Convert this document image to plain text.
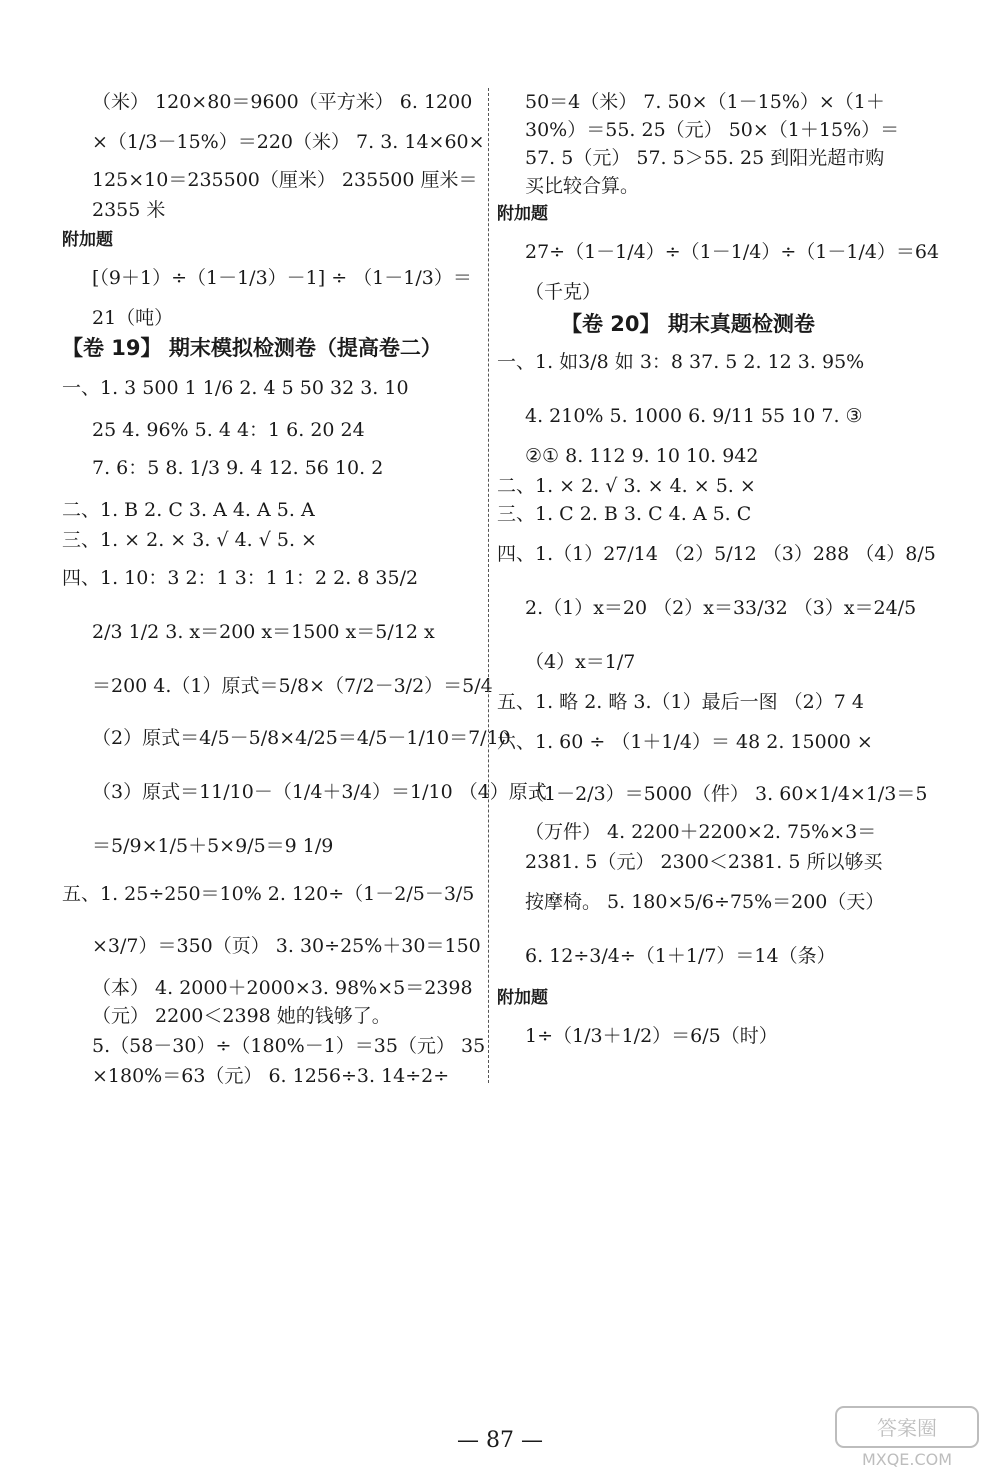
（米） 120×80＝9600（平方米） 6. 1200
×（1/3－15%）＝220（米） 7. 3. 14×60×
125×10＝235500（厘米） 235500 厘米＝
2355 米
附加题
[（9＋1）÷（1－1/3）－1] ÷ （1－1/3）＝
21（吨）
【卷 19】 期末模拟检测卷（提高卷二）
一、1. 3 500 1 1/6 2. 4 5 50 32 3. 10
25 4. 96% 5. 4 4：1 6. 20 24
7. 6：5 8. 1/3 9. 4 12. 56 10. 2
二、1. B 2. C 3. A 4. A 5. A
三、1. × 2. × 3. √ 4. √ 5. ×
四、1. 10：3 2：1 3：1 1：2 2. 8 35/2
2/3 1/2 3. x＝200 x＝1500 x＝5/12 x
＝200 4.（1）原式＝5/8×（7/2－3/2）＝5/4
（2）原式＝4/5－5/8×4/25＝4/5－1/10＝7/10
（3）原式＝11/10－（1/4＋3/4）＝1/10 （4）原式
＝5/9×1/5＋5×9/5＝9 1/9
五、1. 25÷250＝10% 2. 120÷（1－2/5－3/5
×3/7）＝350（页） 3. 30÷25%＋30＝150
（本） 4. 2000＋2000×3. 98%×5＝2398
（元） 2200＜2398 她的钱够了。
5.（58－30）÷（180%－1）＝35（元） 35
×180%＝63（元） 6. 1256÷3. 14÷2÷
50＝4（米） 7. 50×（1－15%）×（1＋
30%）＝55. 25（元） 50×（1＋15%）＝
57. 5（元） 57. 5＞55. 25 到阳光超市购
买比较合算。
附加题
27÷（1－1/4）÷（1－1/4）÷（1－1/4）＝64
（千克）
【卷 20】 期末真题检测卷
一、1. 如3/8 如 3：8 37. 5 2. 12 3. 95%
4. 210% 5. 1000 6. 9/11 55 10 7. ③
②① 8. 112 9. 10 10. 942
二、1. × 2. √ 3. × 4. × 5. ×
三、1. C 2. B 3. C 4. A 5. C
四、1.（1）27/14 （2）5/12 （3）288 （4）8/5
2.（1）x＝20 （2）x＝33/32 （3）x＝24/5
（4）x＝1/7
五、1. 略 2. 略 3.（1）最后一图 （2）7 4
六、1. 60 ÷ （1＋1/4）＝ 48 2. 15000 ×
（1－2/3）＝5000（件） 3. 60×1/4×1/3＝5
（万件） 4. 2200＋2200×2. 75%×3＝
2381. 5（元） 2300＜2381. 5 所以够买
按摩椅。 5. 180×5/6÷75%＝200（天）
6. 12÷3/4÷（1＋1/7）＝14（条）
附加题
1÷（1/3＋1/2）＝6/5（时）
— 87 —	答案圈
MXQE.COM
